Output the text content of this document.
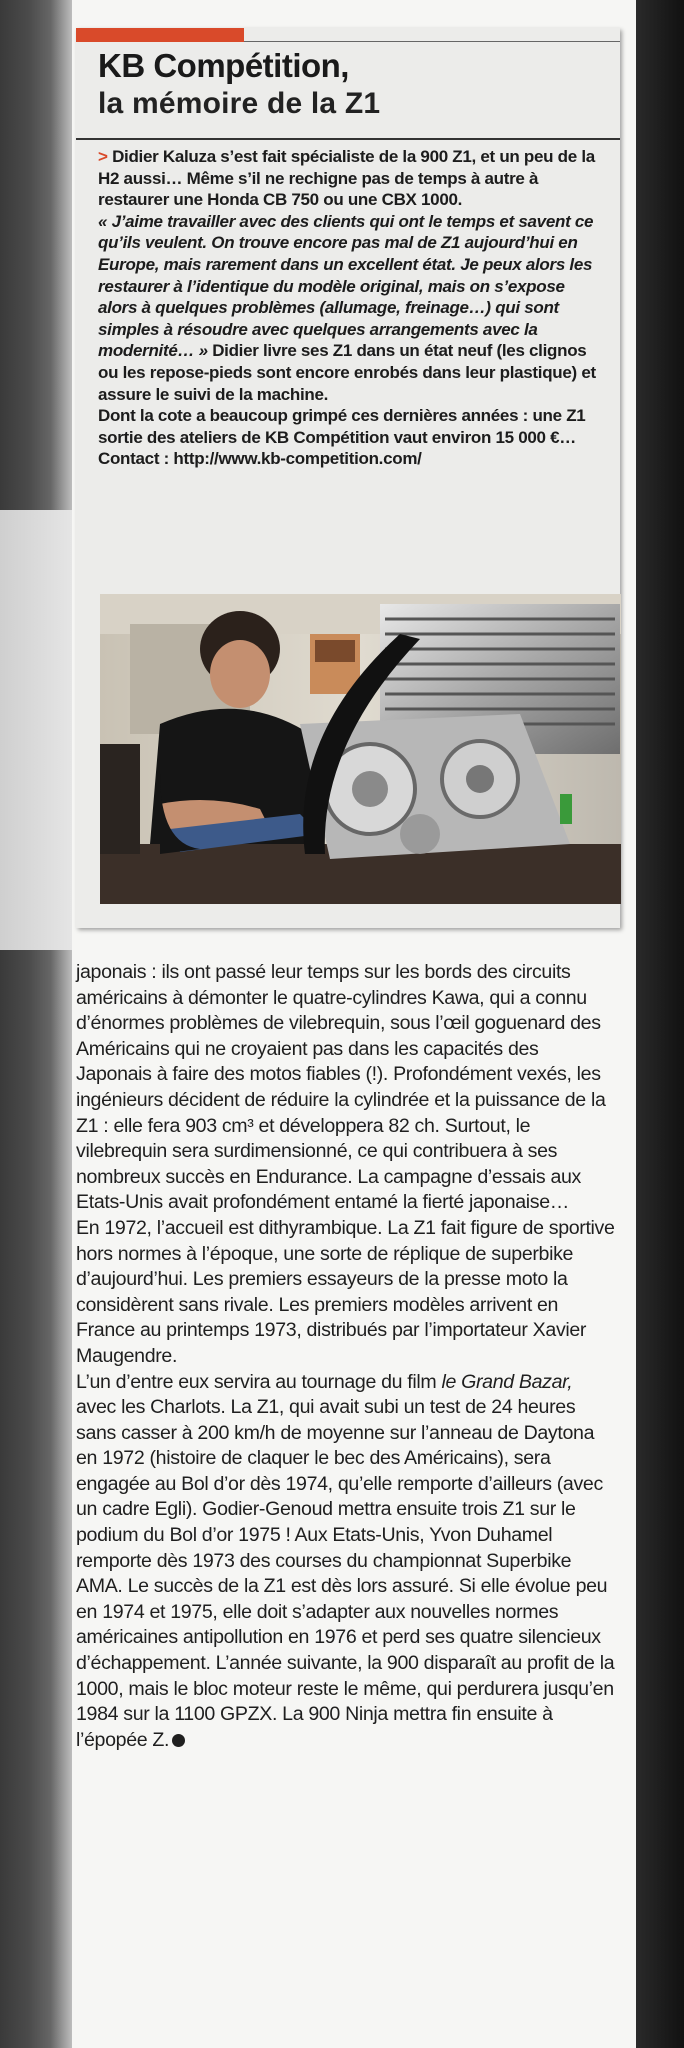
KB Compétition,
la mémoire de la Z1

> Didier Kaluza s’est fait spécialiste de la 900 Z1, et un peu de la H2 aussi… Même s’il ne rechigne pas de temps à autre à restaurer une Honda CB 750 ou une CBX 1000.

« J’aime travailler avec des clients qui ont le temps et savent ce qu’ils veulent. On trouve encore pas mal de Z1 aujourd’hui en Europe, mais rarement dans un excellent état. Je peux alors les restaurer à l’identique du modèle original, mais on s’expose alors à quelques problèmes (allumage, freinage…) qui sont simples à résoudre avec quelques arrangements avec la modernité… » Didier livre ses Z1 dans un état neuf (les clignos ou les repose-pieds sont encore enrobés dans leur plastique) et assure le suivi de la machine.

Dont la cote a beaucoup grimpé ces dernières années : une Z1 sortie des ateliers de KB Compétition vaut environ 15 000 €…

Contact : http://www.kb-competition.com/

japonais : ils ont passé leur temps sur les bords des circuits américains à démonter le quatre-cylindres Kawa, qui a connu d’énormes problèmes de vilebrequin, sous l’œil goguenard des Américains qui ne croyaient pas dans les capacités des Japonais à faire des motos fiables (!). Profondément vexés, les ingénieurs décident de réduire la cylindrée et la puissance de la Z1 : elle fera 903 cm³ et développera 82 ch. Surtout, le vilebrequin sera surdimensionné, ce qui contribuera à ses nombreux succès en Endurance. La campagne d’essais aux Etats-Unis avait profondément entamé la fierté japonaise…

En 1972, l’accueil est dithyrambique. La Z1 fait figure de sportive hors normes à l’époque, une sorte de réplique de superbike d’aujourd’hui. Les premiers essayeurs de la presse moto la considèrent sans rivale. Les premiers modèles arrivent en France au printemps 1973, distribués par l’importateur Xavier Maugendre.

L’un d’entre eux servira au tournage du film le Grand Bazar, avec les Charlots. La Z1, qui avait subi un test de 24 heures sans casser à 200 km/h de moyenne sur l’anneau de Daytona en 1972 (histoire de claquer le bec des Américains), sera engagée au Bol d’or dès 1974, qu’elle remporte d’ailleurs (avec un cadre Egli). Godier-Genoud mettra ensuite trois Z1 sur le podium du Bol d’or 1975 ! Aux Etats-Unis, Yvon Duhamel remporte dès 1973 des courses du championnat Superbike AMA. Le succès de la Z1 est dès lors assuré. Si elle évolue peu en 1974 et 1975, elle doit s’adapter aux nouvelles normes américaines antipollution en 1976 et perd ses quatre silencieux d’échappement. L’année suivante, la 900 disparaît au profit de la 1000, mais le bloc moteur reste le même, qui perdurera jusqu’en 1984 sur la 1100 GPZX. La 900 Ninja mettra fin ensuite à l’épopée Z.
